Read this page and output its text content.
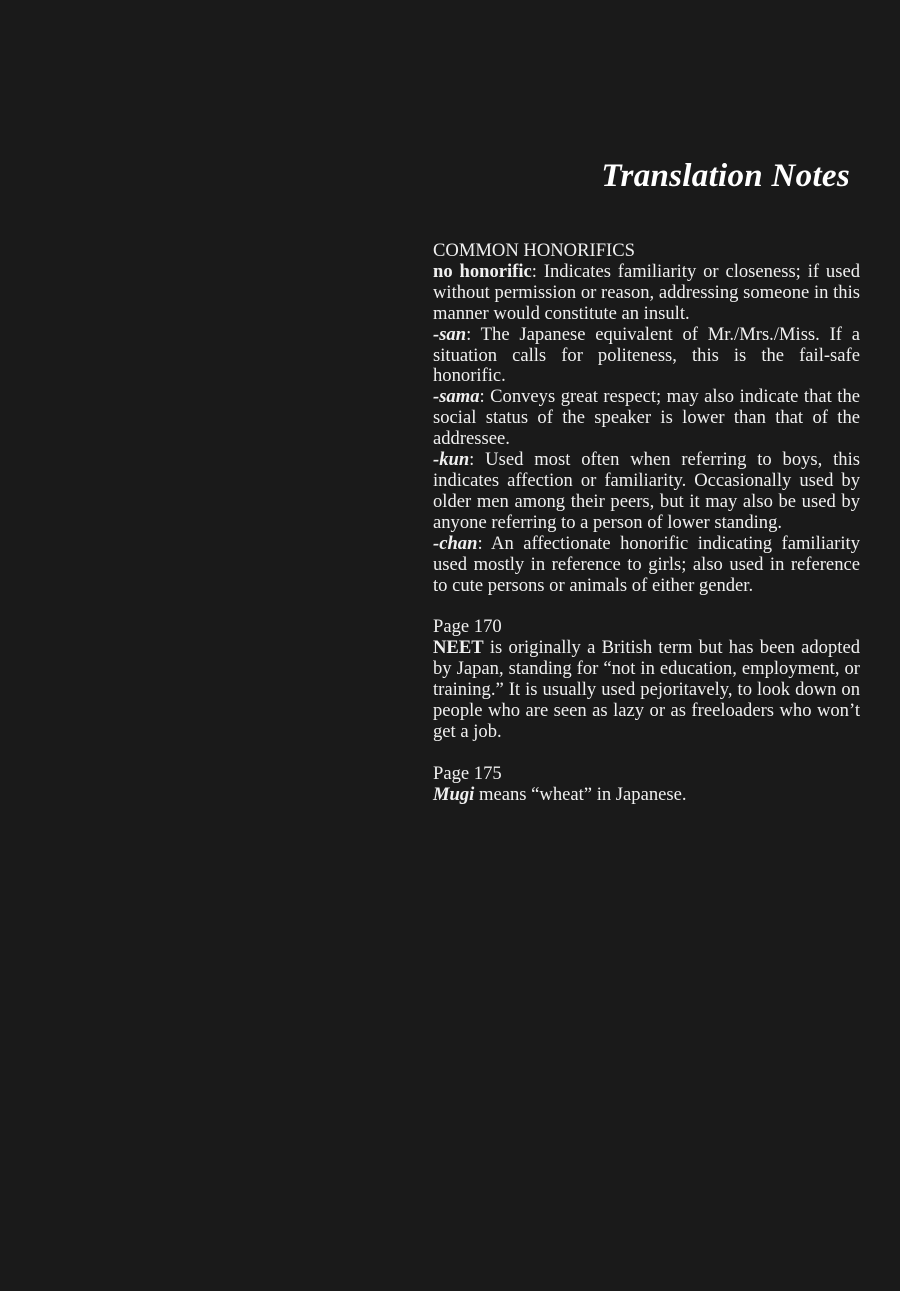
Translation Notes

COMMON HONORIFICS

no honorific: Indicates familiarity or closeness; if used without permission or reason, addressing someone in this manner would constitute an insult.

-san: The Japanese equivalent of Mr./Mrs./Miss. If a situation calls for politeness, this is the fail-safe honorific.

-sama: Conveys great respect; may also indicate that the social status of the speaker is lower than that of the addressee.

-kun: Used most often when referring to boys, this indicates affection or familiarity. Occasionally used by older men among their peers, but it may also be used by anyone referring to a person of lower standing.

-chan: An affectionate honorific indicating familiarity used mostly in reference to girls; also used in reference to cute persons or animals of either gender.

Page 170

NEET is originally a British term but has been adopted by Japan, standing for “not in education, employment, or training.” It is usually used pejoritavely, to look down on people who are seen as lazy or as freeloaders who won’t get a job.

Page 175

Mugi means “wheat” in Japanese.
